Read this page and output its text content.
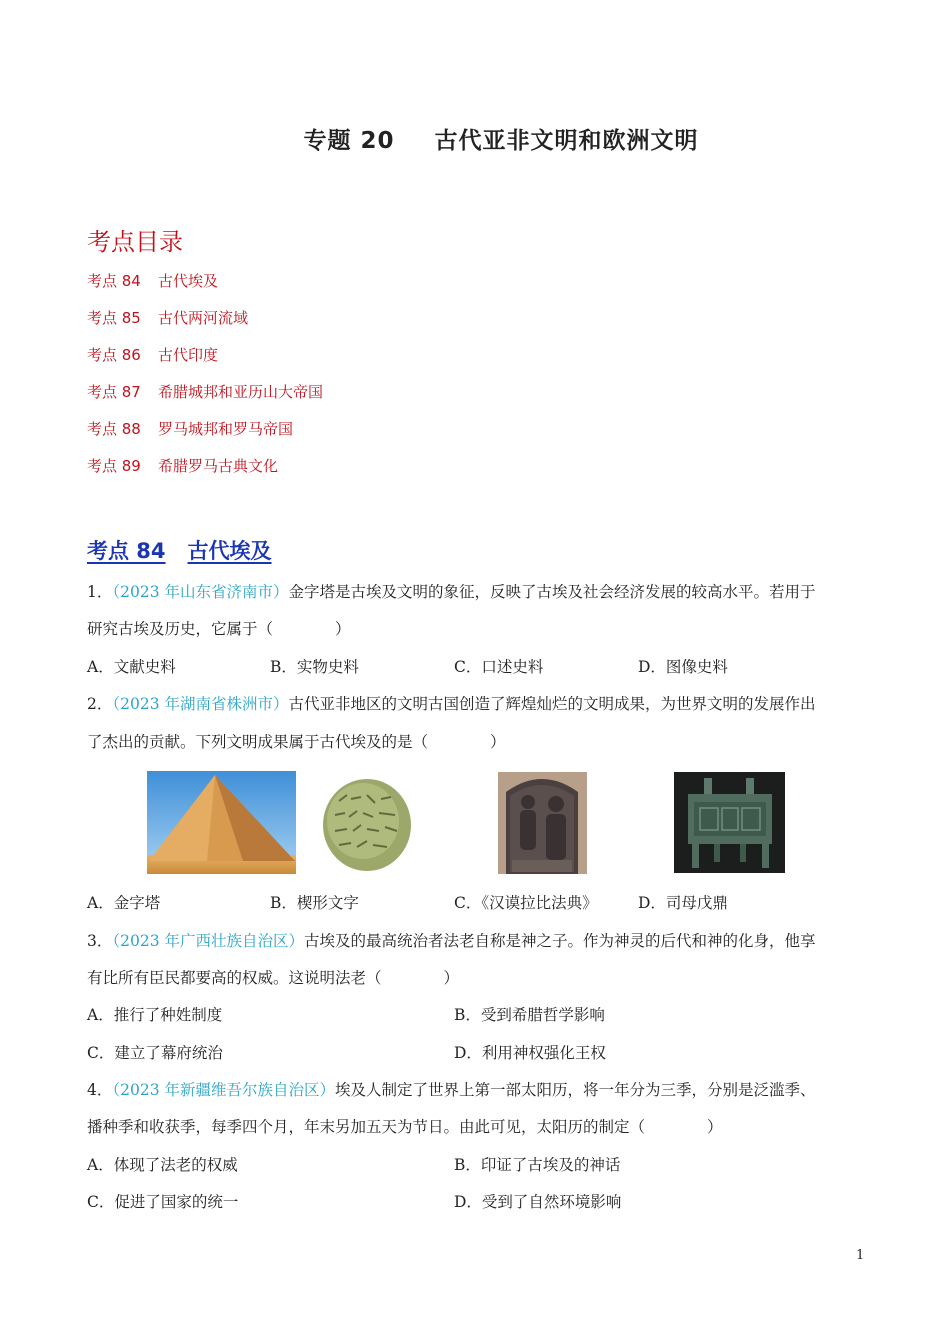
专题 20 古代亚非文明和欧洲文明
考点目录
考点 84 古代埃及
考点 85 古代两河流域
考点 86 古代印度
考点 87 希腊城邦和亚历山大帝国
考点 88 罗马城邦和罗马帝国
考点 89 希腊罗马古典文化
考点 84 古代埃及
1．（2023 年山东省济南市）金字塔是古埃及文明的象征，反映了古埃及社会经济发展的较高水平。若用于
研究古埃及历史，它属于（　　　　）
A．文献史料	B．实物史料	C．口述史料	D．图像史料
2．（2023 年湖南省株洲市）古代亚非地区的文明古国创造了辉煌灿烂的文明成果，为世界文明的发展作出
了杰出的贡献。下列文明成果属于古代埃及的是（　　　　）
A．金字塔	B．楔形文字	C．《汉谟拉比法典》	D．司母戊鼎
3．（2023 年广西壮族自治区）古埃及的最高统治者法老自称是神之子。作为神灵的后代和神的化身，他享
有比所有臣民都要高的权威。这说明法老（　　　　）
A．推行了种姓制度	B．受到希腊哲学影响
C．建立了幕府统治	D．利用神权强化王权
4．（2023 年新疆维吾尔族自治区）埃及人制定了世界上第一部太阳历，将一年分为三季，分别是泛滥季、
播种季和收获季，每季四个月，年末另加五天为节日。由此可见，太阳历的制定（　　　　）
A．体现了法老的权威	B．印证了古埃及的神话
C．促进了国家的统一	D．受到了自然环境影响
1
